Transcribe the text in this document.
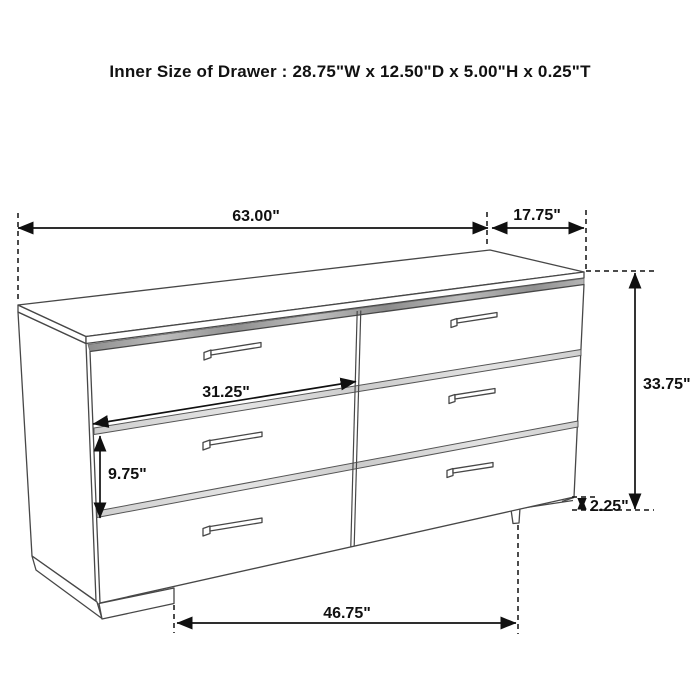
Inner Size of Drawer : 28.75"W x 12.50"D x 5.00"H x 0.25"T
63.00"	17.75"
33.75"
2.25"
46.75"
31.25"
9.75"
